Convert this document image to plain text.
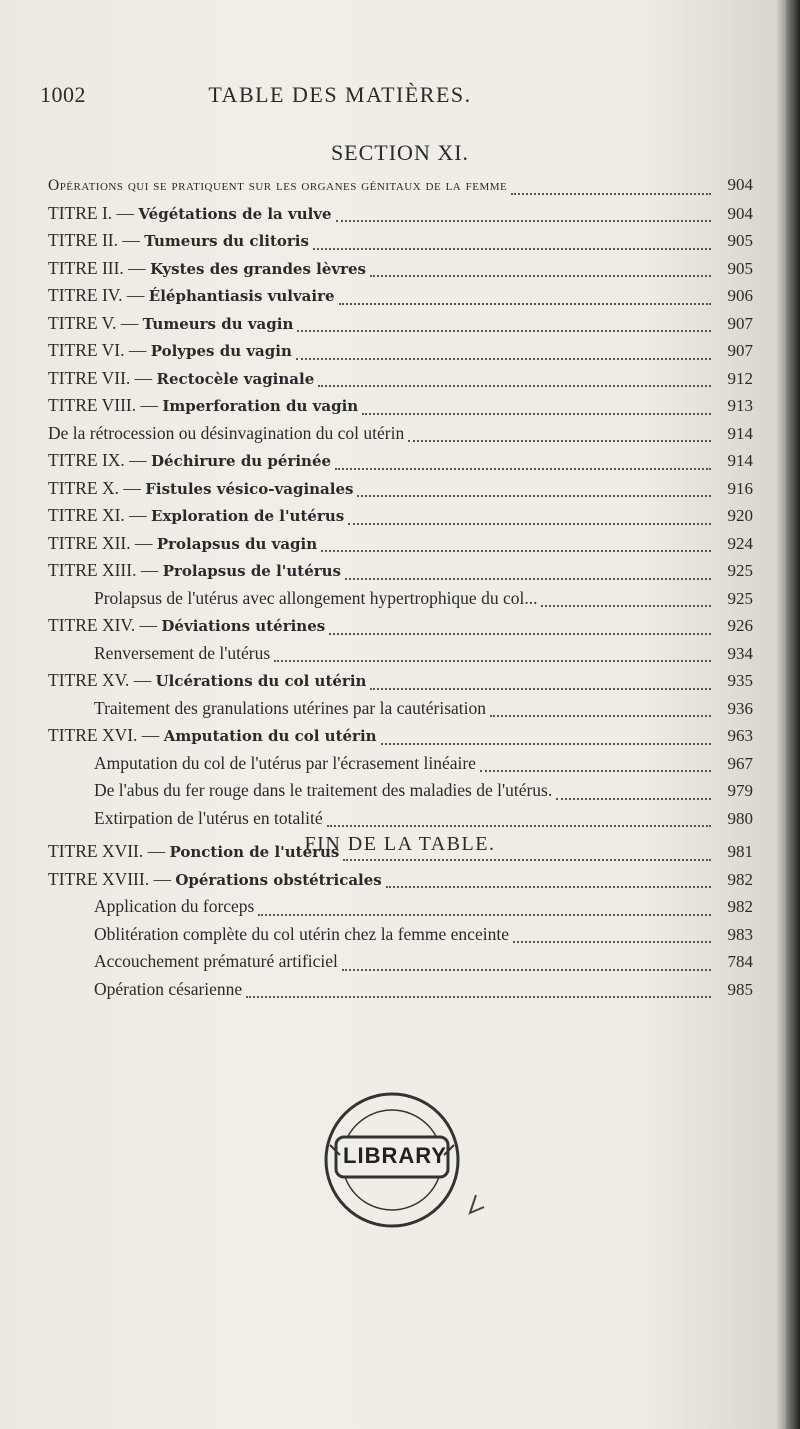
1002	TABLE DES MATIÈRES.
SECTION XI.
Opérations qui se pratiquent sur les organes génitaux de la femme	904
TITRE I. — Végétations de la vulve	904
TITRE II. — Tumeurs du clitoris	905
TITRE III. — Kystes des grandes lèvres	905
TITRE IV. — Éléphantiasis vulvaire	906
TITRE V. — Tumeurs du vagin	907
TITRE VI. — Polypes du vagin	907
TITRE VII. — Rectocèle vaginale	912
TITRE VIII. — Imperforation du vagin	913
De la rétrocession ou désinvagination du col utérin	914
TITRE IX. — Déchirure du périnée	914
TITRE X. — Fistules vésico-vaginales	916
TITRE XI. — Exploration de l'utérus	920
TITRE XII. — Prolapsus du vagin	924
TITRE XIII. — Prolapsus de l'utérus	925
Prolapsus de l'utérus avec allongement hypertrophique du col...	925
TITRE XIV. — Déviations utérines	926
Renversement de l'utérus	934
TITRE XV. — Ulcérations du col utérin	935
Traitement des granulations utérines par la cautérisation	936
TITRE XVI. — Amputation du col utérin	963
Amputation du col de l'utérus par l'écrasement linéaire	967
De l'abus du fer rouge dans le traitement des maladies de l'utérus.	979
Extirpation de l'utérus en totalité	980
TITRE XVII. — Ponction de l'utérus	981
TITRE XVIII. — Opérations obstétricales	982
Application du forceps	982
Oblitération complète du col utérin chez la femme enceinte	983
Accouchement prématuré artificiel	784
Opération césarienne	985
FIN DE LA TABLE.
LIBRARY
